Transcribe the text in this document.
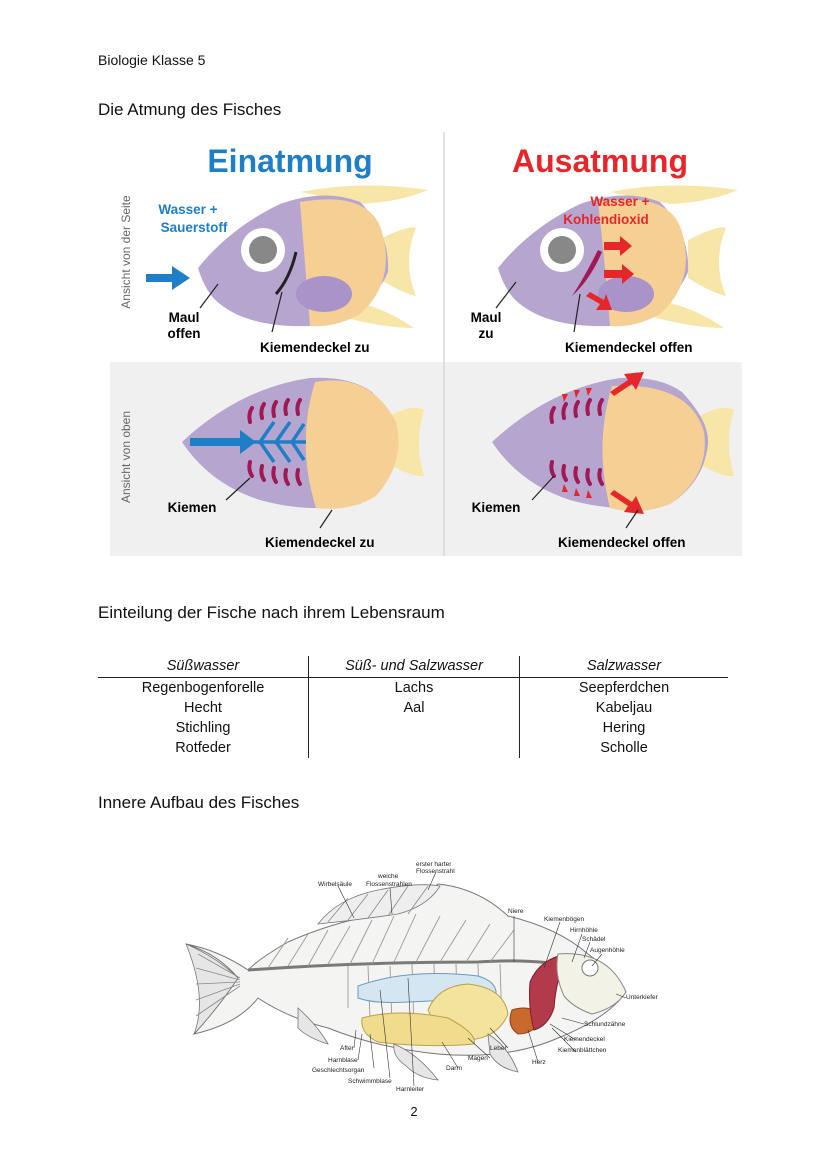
Biologie Klasse 5
Die Atmung des Fisches
Einatmung	Ausatmung
Ansicht von der Seite
Ansicht von oben
Wasser +
Sauerstoff
Maul
offen
Kiemendeckel zu
Wasser +
Kohlendioxid
Maul
zu
Kiemendeckel offen
Kiemen
Kiemendeckel zu
Kiemen
Kiemendeckel offen
Einteilung der Fische nach ihrem Lebensraum
Süßwasser	Süß- und Salzwasser	Salzwasser
Regenbogenforelle	Lachs	Seepferdchen
Hecht	Aal	Kabeljau
Stichling		Hering
Rotfeder		Scholle
Innere Aufbau des Fisches
Wirbelsäule
weiche
Flossenstrahlen
erster harter
Flossenstrahl
Niere
Kiemenbögen
Hirnhöhle
Schädel
Augenhöhle
Unterkiefer
Schlundzähne
Kiemendeckel
Kiemenblättchen
Herz
Leber
Magen
Darm
Harnleiter
Schwimmblase
Geschlechtsorgan
Harnblase
After
2
